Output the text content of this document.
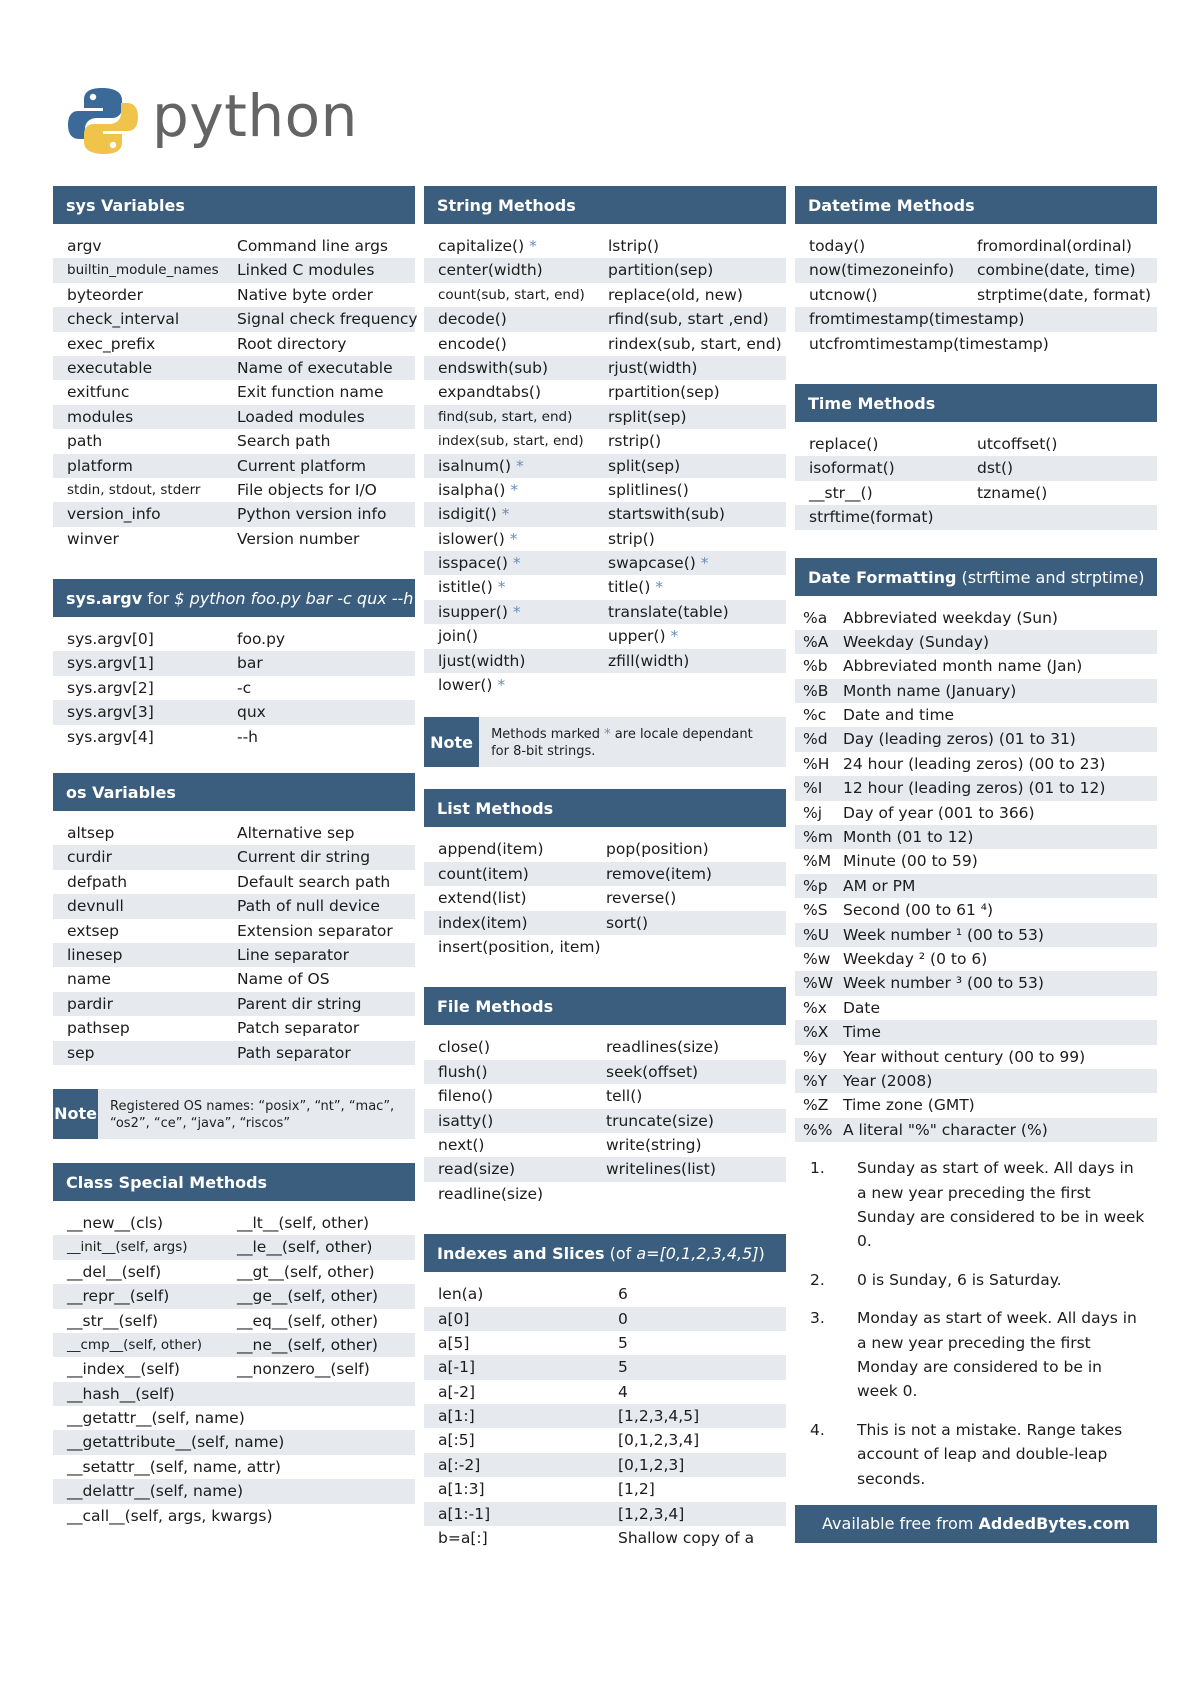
python
sys Variables
argv	Command line args
builtin_module_names	Linked C modules
byteorder	Native byte order
check_interval	Signal check frequency
exec_prefix	Root directory
executable	Name of executable
exitfunc	Exit function name
modules	Loaded modules
path	Search path
platform	Current platform
stdin, stdout, stderr	File objects for I/O
version_info	Python version info
winver	Version number
sys.argv for $ python foo.py bar -c qux --h
sys.argv[0]	foo.py
sys.argv[1]	bar
sys.argv[2]	-c
sys.argv[3]	qux
sys.argv[4]	--h
os Variables
altsep	Alternative sep
curdir	Current dir string
defpath	Default search path
devnull	Path of null device
extsep	Extension separator
linesep	Line separator
name	Name of OS
pardir	Parent dir string
pathsep	Patch separator
sep	Path separator
Note	Registered OS names: “posix”, “nt”, “mac”, “os2”, “ce”, “java”, “riscos”
Class Special Methods
__new__(cls)	__lt__(self, other)
__init__(self, args)	__le__(self, other)
__del__(self)	__gt__(self, other)
__repr__(self)	__ge__(self, other)
__str__(self)	__eq__(self, other)
__cmp__(self, other)	__ne__(self, other)
__index__(self)	__nonzero__(self)
__hash__(self)
__getattr__(self, name)
__getattribute__(self, name)
__setattr__(self, name, attr)
__delattr__(self, name)
__call__(self, args, kwargs)
String Methods
capitalize() *	lstrip()
center(width)	partition(sep)
count(sub, start, end)	replace(old, new)
decode()	rfind(sub, start ,end)
encode()	rindex(sub, start, end)
endswith(sub)	rjust(width)
expandtabs()	rpartition(sep)
find(sub, start, end)	rsplit(sep)
index(sub, start, end)	rstrip()
isalnum() *	split(sep)
isalpha() *	splitlines()
isdigit() *	startswith(sub)
islower() *	strip()
isspace() *	swapcase() *
istitle() *	title() *
isupper() *	translate(table)
join()	upper() *
ljust(width)	zfill(width)
lower() *
Note	Methods marked * are locale dependant for 8-bit strings.
List Methods
append(item)	pop(position)
count(item)	remove(item)
extend(list)	reverse()
index(item)	sort()
insert(position, item)
File Methods
close()	readlines(size)
flush()	seek(offset)
fileno()	tell()
isatty()	truncate(size)
next()	write(string)
read(size)	writelines(list)
readline(size)
Indexes and Slices (of a=[0,1,2,3,4,5])
len(a)	6
a[0]	0
a[5]	5
a[-1]	5
a[-2]	4
a[1:]	[1,2,3,4,5]
a[:5]	[0,1,2,3,4]
a[:-2]	[0,1,2,3]
a[1:3]	[1,2]
a[1:-1]	[1,2,3,4]
b=a[:]	Shallow copy of a
Datetime Methods
today()	fromordinal(ordinal)
now(timezoneinfo)	combine(date, time)
utcnow()	strptime(date, format)
fromtimestamp(timestamp)
utcfromtimestamp(timestamp)
Time Methods
replace()	utcoffset()
isoformat()	dst()
__str__()	tzname()
strftime(format)
Date Formatting (strftime and strptime)
%a	Abbreviated weekday (Sun)
%A Weekday (Sunday)
%b Abbreviated month name (Jan)
%B Month name (January)
%c	Date and time
%d Day (leading zeros) (01 to 31)
%H 24 hour (leading zeros) (00 to 23)
%I	12 hour (leading zeros) (01 to 12)
%j	Day of year (001 to 366)
%m Month (01 to 12)
%M Minute (00 to 59)
%p AM or PM
%S Second (00 to 61 ⁴)
%U Week number ¹ (00 to 53)
%w Weekday ² (0 to 6)
%W Week number ³ (00 to 53)
%x	Date
%X Time
%y	Year without century (00 to 99)
%Y	Year (2008)
%Z Time zone (GMT)
%% A literal "%" character (%)
1.	Sunday as start of week. All days in a new year preceding the first Sunday are considered to be in week 0.
2.	0 is Sunday, 6 is Saturday.
3.	Monday as start of week. All days in a new year preceding the first Monday are considered to be in week 0.
4.	This is not a mistake. Range takes account of leap and double-leap seconds.
Available free from AddedBytes.com
